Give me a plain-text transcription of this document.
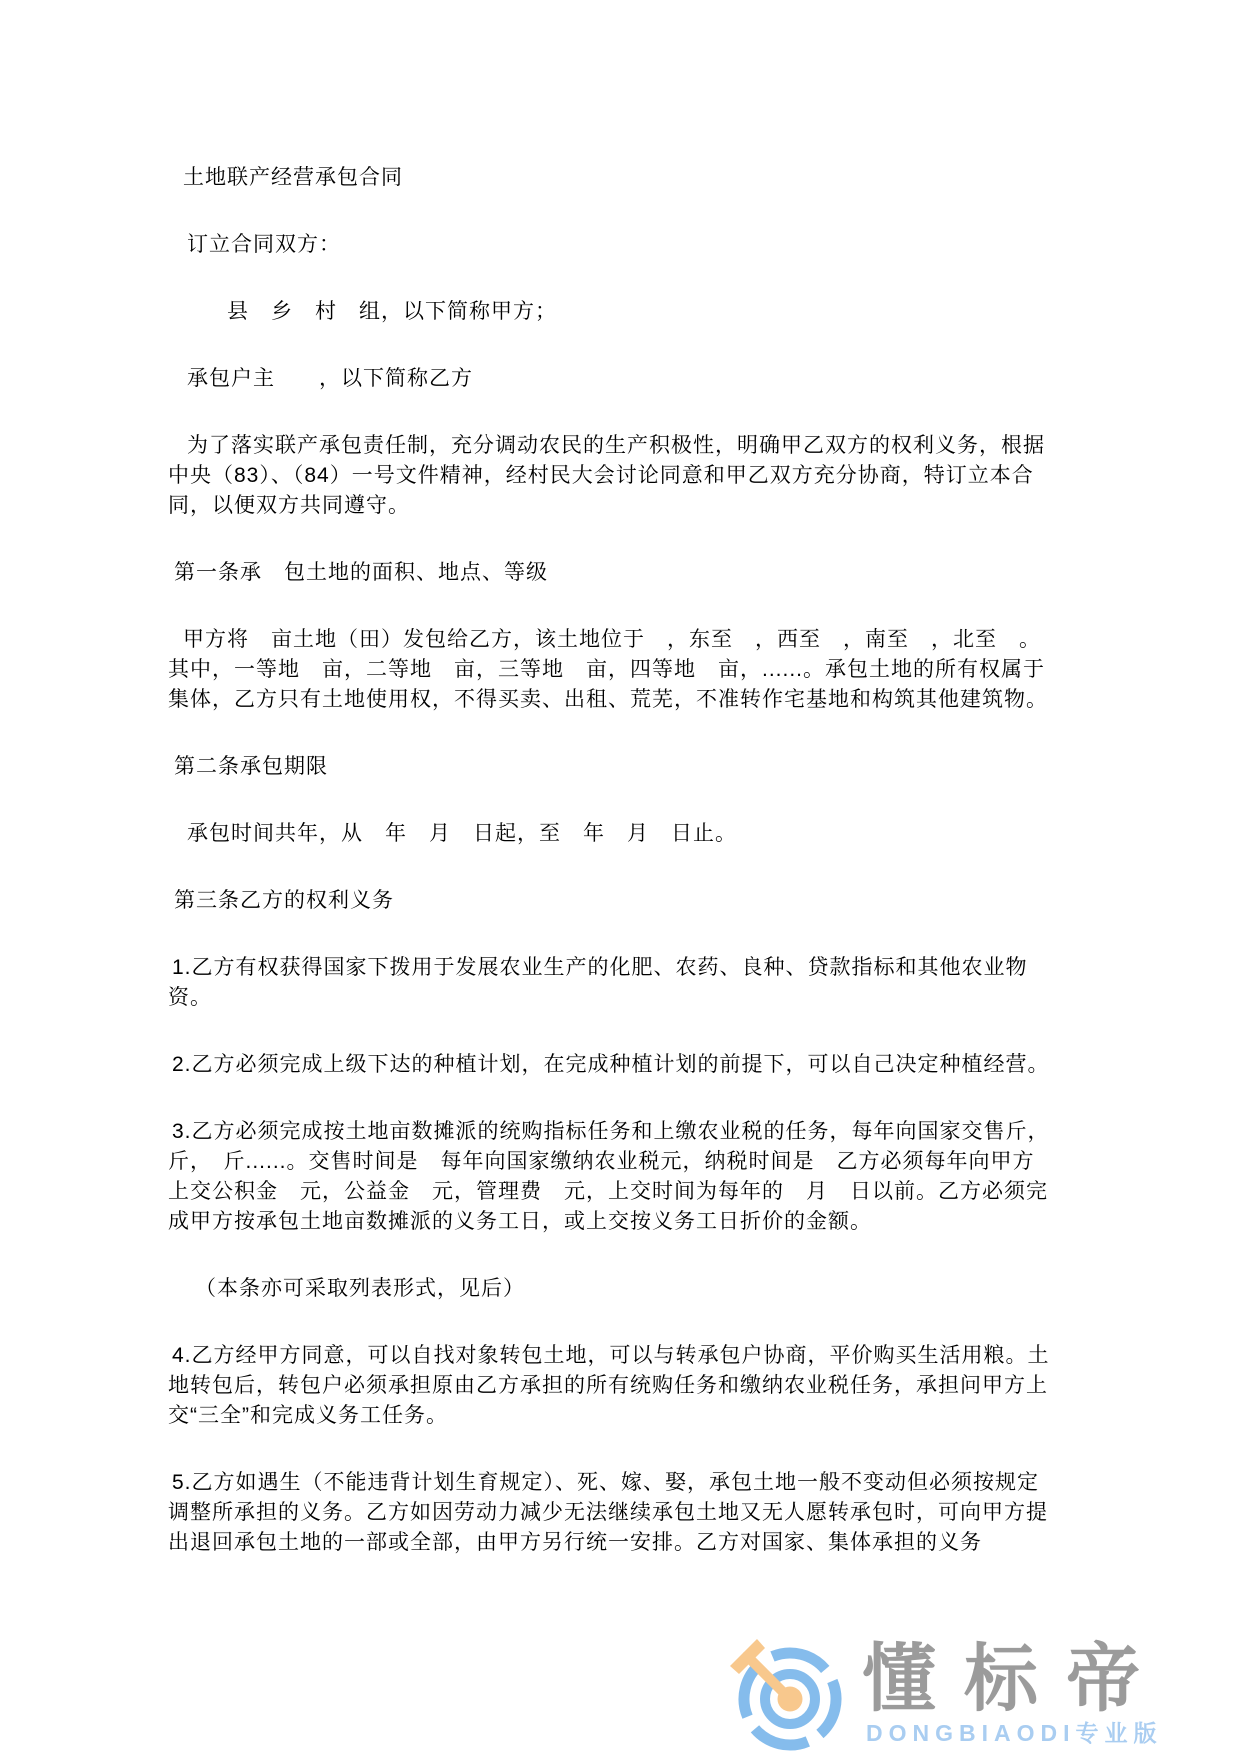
土地联产经营承包合同

订立合同双方：

县　乡　村　组，以下简称甲方；

承包户主　　，以下简称乙方

为了落实联产承包责任制，充分调动农民的生产积极性，明确甲乙双方的权利义务，根据中央（83）、（84）一号文件精神，经村民大会讨论同意和甲乙双方充分协商，特订立本合同，以便双方共同遵守。

第一条承　包土地的面积、地点、等级

甲方将　亩土地（田）发包给乙方，该土地位于　，东至　，西至　，南至　，北至　。其中，一等地　亩，二等地　亩，三等地　亩，四等地　亩，......。承包土地的所有权属于集体，乙方只有土地使用权，不得买卖、出租、荒芜，不准转作宅基地和构筑其他建筑物。

第二条承包期限

承包时间共年，从　年　月　日起，至　年　月　日止。

第三条乙方的权利义务

1.乙方有权获得国家下拨用于发展农业生产的化肥、农药、良种、贷款指标和其他农业物资。

2.乙方必须完成上级下达的种植计划，在完成种植计划的前提下，可以自己决定种植经营。

3.乙方必须完成按土地亩数摊派的统购指标任务和上缴农业税的任务，每年向国家交售斤，　斤，　斤......。交售时间是　每年向国家缴纳农业税元，纳税时间是　乙方必须每年向甲方上交公积金　元，公益金　元，管理费　元，上交时间为每年的　月　日以前。乙方必须完成甲方按承包土地亩数摊派的义务工日，或上交按义务工日折价的金额。

（本条亦可采取列表形式，见后）

4.乙方经甲方同意，可以自找对象转包土地，可以与转承包户协商，平价购买生活用粮。土地转包后，转包户必须承担原由乙方承担的所有统购任务和缴纳农业税任务，承担问甲方上交“三全”和完成义务工任务。

5.乙方如遇生（不能违背计划生育规定）、死、嫁、娶，承包土地一般不变动但必须按规定调整所承担的义务。乙方如因劳动力减少无法继续承包土地又无人愿转承包时，可向甲方提出退回承包土地的一部或全部，由甲方另行统一安排。乙方对国家、集体承担的义务

懂标帝
DONGBIAODI专业版
